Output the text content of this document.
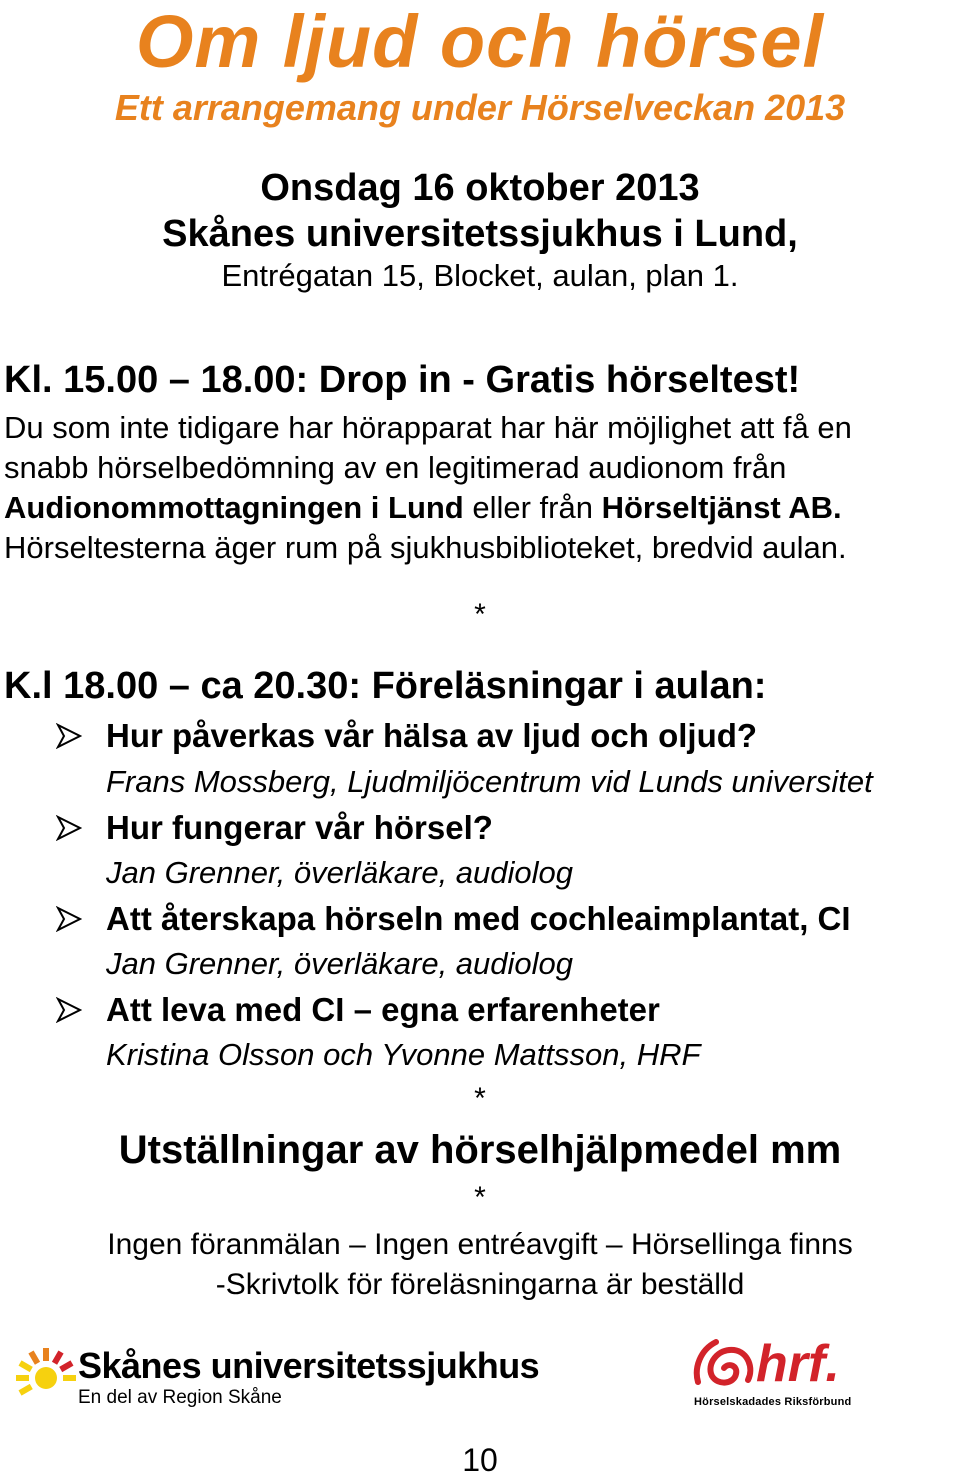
Om ljud och hörsel
Ett arrangemang under Hörselveckan 2013
Onsdag 16 oktober 2013
Skånes universitetssjukhus i Lund,
Entrégatan 15, Blocket, aulan, plan 1.
Kl. 15.00 – 18.00: Drop in - Gratis hörseltest!
Du som inte tidigare har hörapparat har här möjlighet att få en
snabb hörselbedömning av en legitimerad audionom från
Audionommottagningen i Lund eller från Hörseltjänst AB.
Hörseltesterna äger rum på sjukhusbiblioteket, bredvid aulan.
*
K.l 18.00 – ca 20.30: Föreläsningar i aulan:
Hur påverkas vår hälsa av ljud och oljud?
Frans Mossberg, Ljudmiljöcentrum vid Lunds universitet
Hur fungerar vår hörsel?
Jan Grenner, överläkare, audiolog
Att återskapa hörseln med cochleaimplantat, CI
Jan Grenner, överläkare, audiolog
Att leva med CI – egna erfarenheter
Kristina Olsson och Yvonne Mattsson, HRF
*
Utställningar av hörselhjälpmedel mm
*
Ingen föranmälan – Ingen entréavgift – Hörsellinga finns
-Skrivtolk för föreläsningarna är beställd
Skånes universitetssjukhus
En del av Region Skåne
hrf.
Hörselskadades Riksförbund
10
